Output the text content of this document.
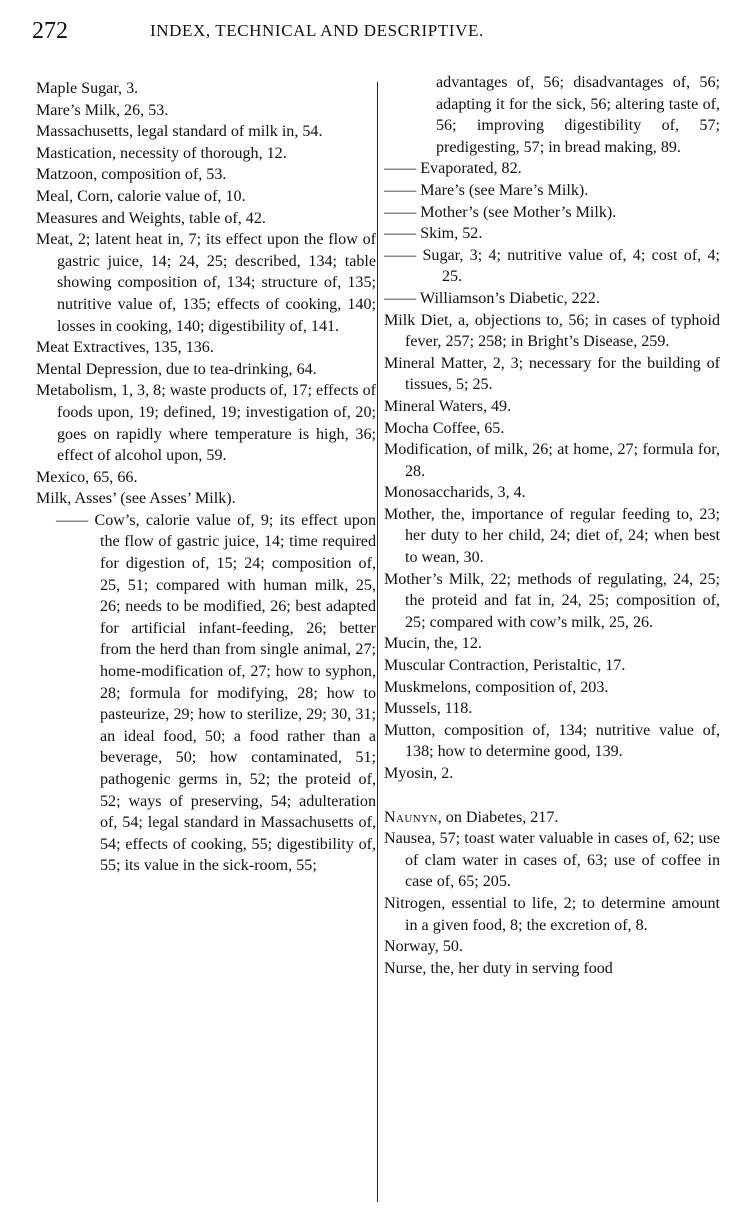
272	INDEX, TECHNICAL AND DESCRIPTIVE.
Maple Sugar, 3.
Mare’s Milk, 26, 53.
Massachusetts, legal standard of milk in, 54.
Mastication, necessity of thorough, 12.
Matzoon, composition of, 53.
Meal, Corn, calorie value of, 10.
Measures and Weights, table of, 42.
Meat, 2; latent heat in, 7; its effect upon the flow of gastric juice, 14; 24, 25; described, 134; table showing composition of, 134; structure of, 135; nutritive value of, 135; effects of cooking, 140; losses in cooking, 140; digestibility of, 141.
Meat Extractives, 135, 136.
Mental Depression, due to tea-drinking, 64.
Metabolism, 1, 3, 8; waste products of, 17; effects of foods upon, 19; defined, 19; investigation of, 20; goes on rapidly where temperature is high, 36; effect of alcohol upon, 59.
Mexico, 65, 66.
Milk, Asses’ (see Asses’ Milk).
—— Cow’s, calorie value of, 9; its effect upon the flow of gastric juice, 14; time required for digestion of, 15; 24; composition of, 25, 51; compared with human milk, 25, 26; needs to be modified, 26; best adapted for artificial infant-feeding, 26; better from the herd than from single animal, 27; home-modification of, 27; how to syphon, 28; formula for modifying, 28; how to pasteurize, 29; how to sterilize, 29; 30, 31; an ideal food, 50; a food rather than a beverage, 50; how contaminated, 51; pathogenic germs in, 52; the proteid of, 52; ways of preserving, 54; adulteration of, 54; legal standard in Massachusetts of, 54; effects of cooking, 55; digestibility of, 55; its value in the sick-room, 55;
advantages of, 56; disadvantages of, 56; adapting it for the sick, 56; altering taste of, 56; improving digestibility of, 57; predigesting, 57; in bread making, 89.
—— Evaporated, 82.
—— Mare’s (see Mare’s Milk).
—— Mother’s (see Mother’s Milk).
—— Skim, 52.
—— Sugar, 3; 4; nutritive value of, 4; cost of, 4; 25.
—— Williamson’s Diabetic, 222.
Milk Diet, a, objections to, 56; in cases of typhoid fever, 257; 258; in Bright’s Disease, 259.
Mineral Matter, 2, 3; necessary for the building of tissues, 5; 25.
Mineral Waters, 49.
Mocha Coffee, 65.
Modification, of milk, 26; at home, 27; formula for, 28.
Monosaccharids, 3, 4.
Mother, the, importance of regular feeding to, 23; her duty to her child, 24; diet of, 24; when best to wean, 30.
Mother’s Milk, 22; methods of regulating, 24, 25; the proteid and fat in, 24, 25; composition of, 25; compared with cow’s milk, 25, 26.
Mucin, the, 12.
Muscular Contraction, Peristaltic, 17.
Muskmelons, composition of, 203.
Mussels, 118.
Mutton, composition of, 134; nutritive value of, 138; how to determine good, 139.
Myosin, 2.
Naunyn, on Diabetes, 217.
Nausea, 57; toast water valuable in cases of, 62; use of clam water in cases of, 63; use of coffee in case of, 65; 205.
Nitrogen, essential to life, 2; to determine amount in a given food, 8; the excretion of, 8.
Norway, 50.
Nurse, the, her duty in serving food
